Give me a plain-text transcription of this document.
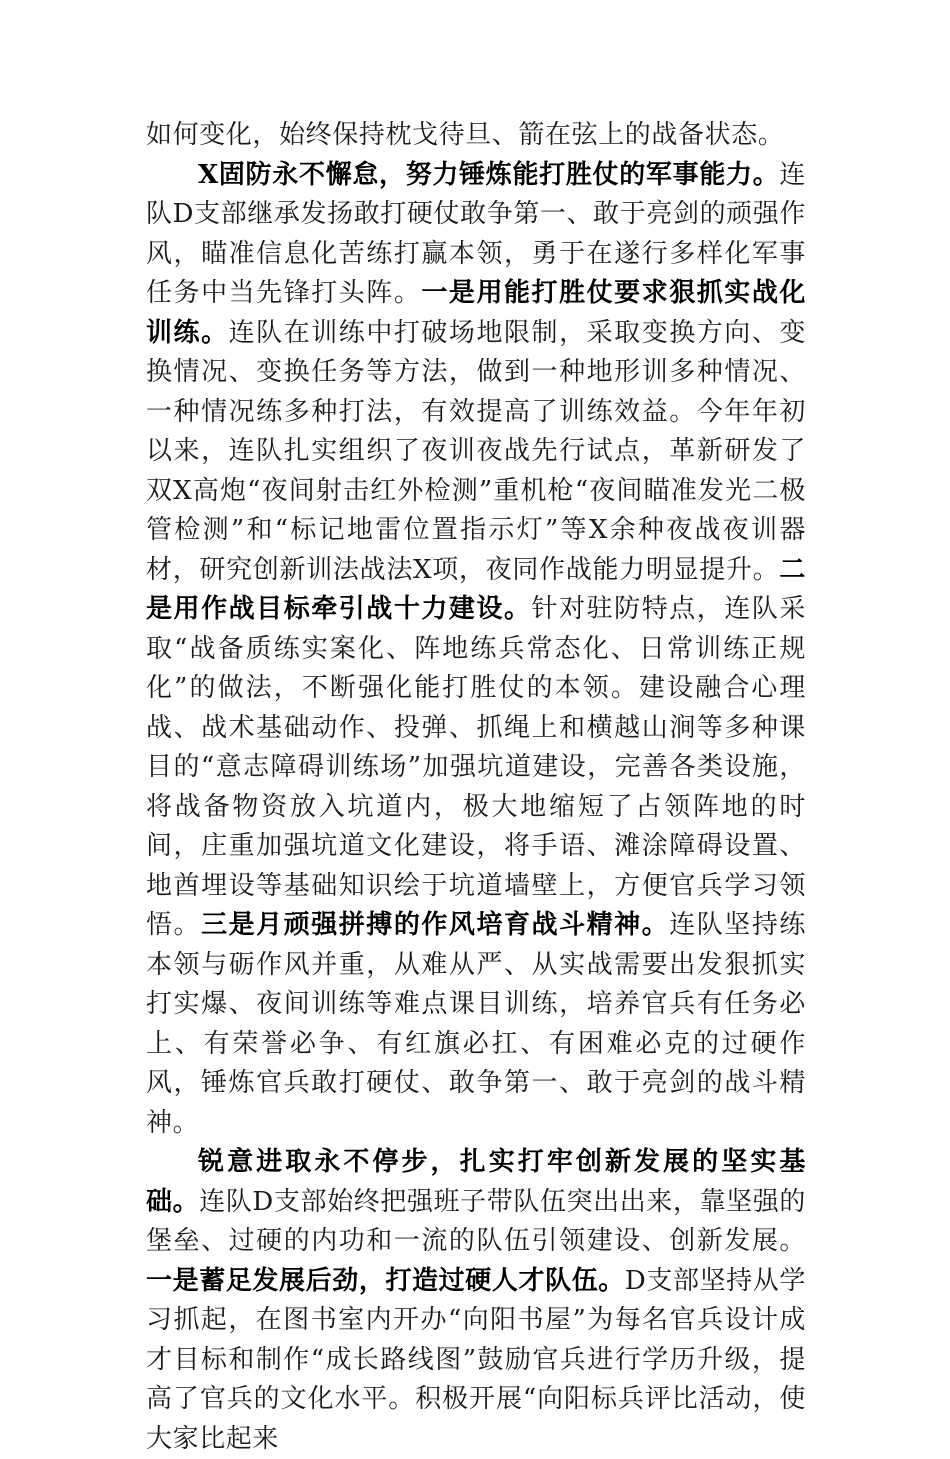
如何变化，始终保持枕戈待旦、箭在弦上的战备状态。

X固防永不懈怠，努力锤炼能打胜仗的军事能力。连队D支部继承发扬敢打硬仗敢争第一、敢于亮剑的顽强作风，瞄准信息化苦练打赢本领，勇于在遂行多样化军事任务中当先锋打头阵。一是用能打胜仗要求狠抓实战化训练。连队在训练中打破场地限制，采取变换方向、变换情况、变换任务等方法，做到一种地形训多种情况、一种情况练多种打法，有效提高了训练效益。今年年初以来，连队扎实组织了夜训夜战先行试点，革新研发了双X高炮“夜间射击红外检测”重机枪“夜间瞄准发光二极管检测”和“标记地雷位置指示灯”等X余种夜战夜训器材，研究创新训法战法X项，夜同作战能力明显提升。二是用作战目标牵引战十力建设。针对驻防特点，连队采取“战备质练实案化、阵地练兵常态化、日常训练正规化”的做法，不断强化能打胜仗的本领。建设融合心理战、战术基础动作、投弹、抓绳上和横越山涧等多种课目的“意志障碍训练场”加强坑道建设，完善各类设施，将战备物资放入坑道内，极大地缩短了占领阵地的时间，庄重加强坑道文化建设，将手语、滩涂障碍设置、地酋埋设等基础知识绘于坑道墙壁上，方便官兵学习领悟。三是月顽强拼搏的作风培育战斗精神。连队坚持练本领与砺作风并重，从难从严、从实战需要出发狠抓实打实爆、夜间训练等难点课目训练，培养官兵有任务必上、有荣誉必争、有红旗必扛、有困难必克的过硬作风，锤炼官兵敢打硬仗、敢争第一、敢于亮剑的战斗精神。

锐意进取永不停步，扎实打牢创新发展的坚实基础。连队D支部始终把强班子带队伍突出出来，靠坚强的堡垒、过硬的内功和一流的队伍引领建设、创新发展。一是蓄足发展后劲，打造过硬人才队伍。D支部坚持从学习抓起，在图书室内开办“向阳书屋”为每名官兵设计成才目标和制作“成长路线图”鼓励官兵进行学历升级，提高了官兵的文化水平。积极开展“向阳标兵评比活动，使大家比起来
